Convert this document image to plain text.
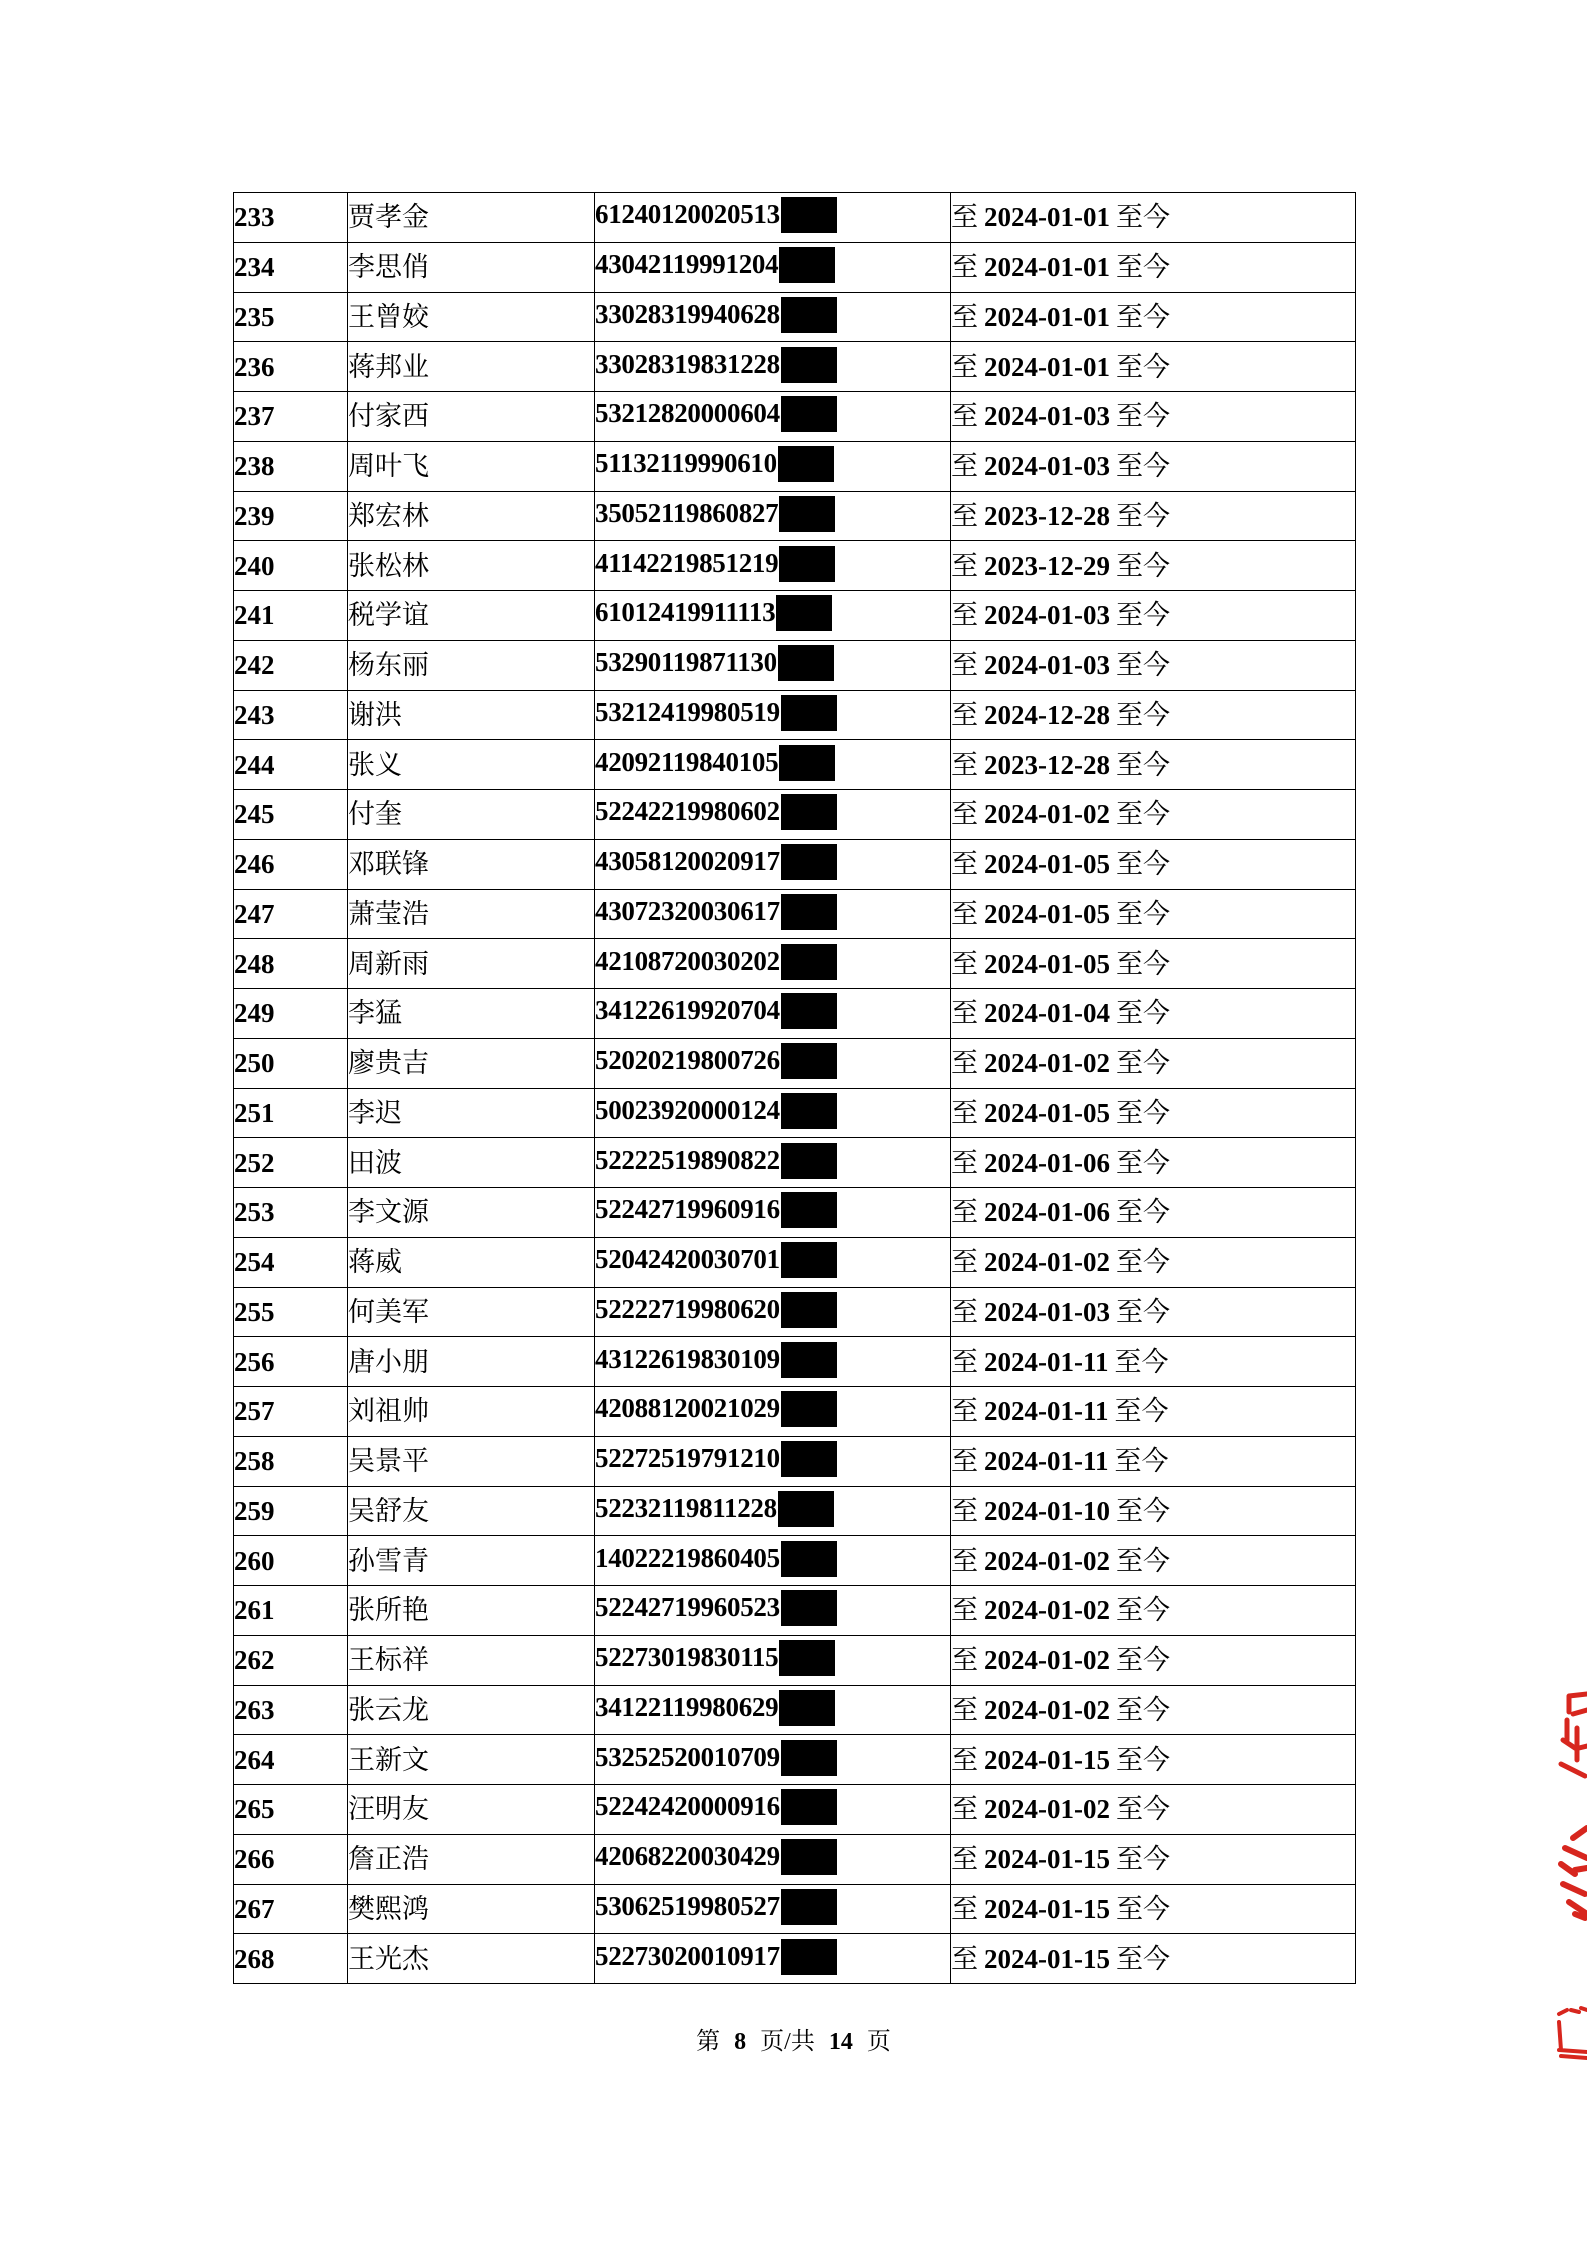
233	贾孝金	61240120020513	至 2024-01-01 至今
234	李思俏	43042119991204	至 2024-01-01 至今
235	王曾姣	33028319940628	至 2024-01-01 至今
236	蒋邦业	33028319831228	至 2024-01-01 至今
237	付家西	53212820000604	至 2024-01-03 至今
238	周叶飞	51132119990610	至 2024-01-03 至今
239	郑宏林	35052119860827	至 2023-12-28 至今
240	张松林	41142219851219	至 2023-12-29 至今
241	税学谊	61012419911113	至 2024-01-03 至今
242	杨东丽	53290119871130	至 2024-01-03 至今
243	谢洪	53212419980519	至 2024-12-28 至今
244	张义	42092119840105	至 2023-12-28 至今
245	付奎	52242219980602	至 2024-01-02 至今
246	邓联锋	43058120020917	至 2024-01-05 至今
247	萧莹浩	43072320030617	至 2024-01-05 至今
248	周新雨	42108720030202	至 2024-01-05 至今
249	李猛	34122619920704	至 2024-01-04 至今
250	廖贵吉	52020219800726	至 2024-01-02 至今
251	李迟	50023920000124	至 2024-01-05 至今
252	田波	52222519890822	至 2024-01-06 至今
253	李文源	52242719960916	至 2024-01-06 至今
254	蒋威	52042420030701	至 2024-01-02 至今
255	何美军	52222719980620	至 2024-01-03 至今
256	唐小朋	43122619830109	至 2024-01-11 至今
257	刘祖帅	42088120021029	至 2024-01-11 至今
258	吴景平	52272519791210	至 2024-01-11 至今
259	吴舒友	52232119811228	至 2024-01-10 至今
260	孙雪青	14022219860405	至 2024-01-02 至今
261	张所艳	52242719960523	至 2024-01-02 至今
262	王标祥	52273019830115	至 2024-01-02 至今
263	张云龙	34122119980629	至 2024-01-02 至今
264	王新文	53252520010709	至 2024-01-15 至今
265	汪明友	52242420000916	至 2024-01-02 至今
266	詹正浩	42068220030429	至 2024-01-15 至今
267	樊熙鸿	53062519980527	至 2024-01-15 至今
268	王光杰	52273020010917	至 2024-01-15 至今
第 8 页/共 14 页
